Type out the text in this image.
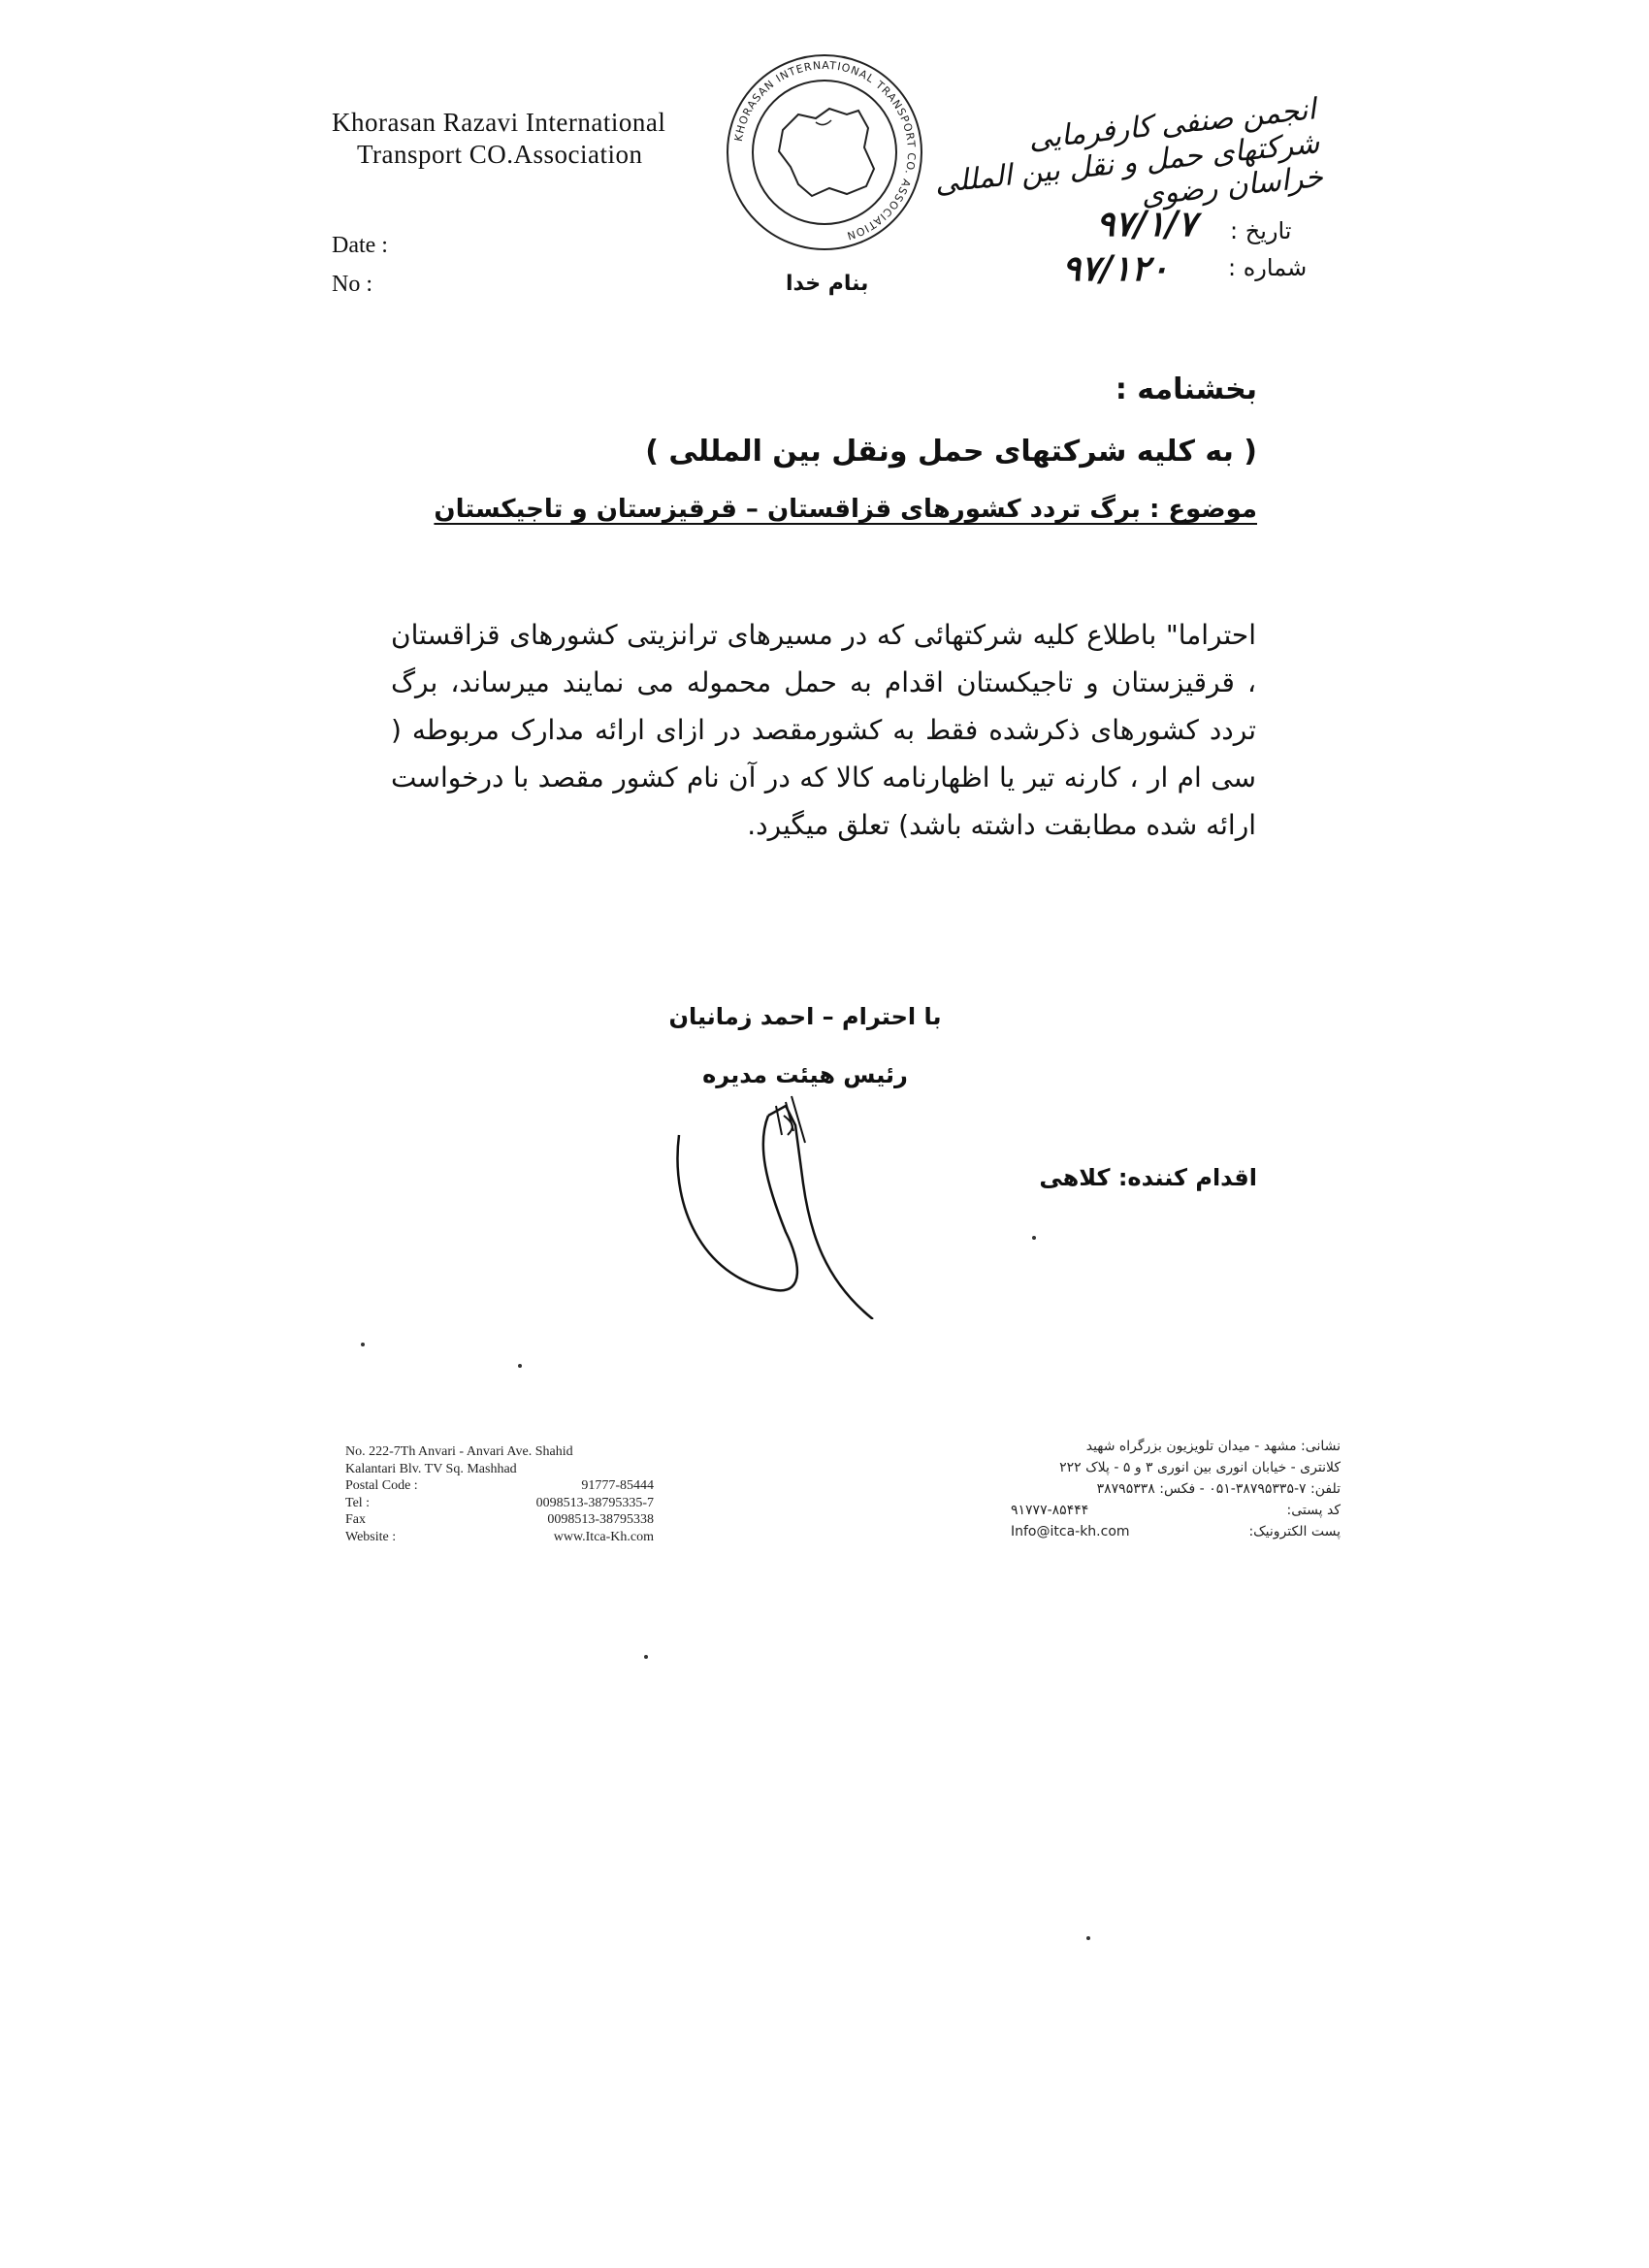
Khorasan Razavi International
Transport CO.Association
KHORASAN INTERNATIONAL TRANSPORT CO. ASSOCIATION
انجمن صنفی کارفرمایی شرکتهای حمل و نقل بین المللی خراسان رضوی
Date :
No :	بنام خدا
تاریخ :
۹۷/۱/۷
شماره :
۹۷/۱۲۰
بخشنامه :
( به کلیه شرکتهای حمل ونقل بین المللی )
موضوع : برگ تردد کشورهای قزاقستان – قرقیزستان و تاجیکستان
احتراما" باطلاع کلیه شرکتهائی که در مسیرهای ترانزیتی کشورهای قزاقستان ، قرقیزستان و تاجیکستان اقدام به حمل محموله می نمایند میرساند، برگ تردد کشورهای ذکرشده فقط به کشورمقصد در ازای ارائه مدارک مربوطه ( سی ام ار ، کارنه تیر یا اظهارنامه کالا که در آن نام کشور مقصد با درخواست ارائه شده مطابقت داشته باشد) تعلق میگیرد.
با احترام – احمد زمانیان
رئیس هیئت مدیره
اقدام کننده: کلاهی
No. 222-7Th Anvari - Anvari Ave. Shahid
Kalantari Blv. TV Sq. Mashhad
Postal Code :	91777-85444
Tel :	0098513-38795335-7
Fax	0098513-38795338
Website :	www.Itca-Kh.com
نشانی: مشهد - میدان تلویزیون بزرگراه شهید
کلانتری - خیابان انوری بین انوری ۳ و ۵ - پلاک ۲۲۲
تلفن: ۷-۳۸۷۹۵۳۳۵-۰۵۱ - فکس: ۳۸۷۹۵۳۳۸
کد پستی:
۹۱۷۷۷-۸۵۴۴۴
پست الکترونیک:
Info@itca-kh.com
